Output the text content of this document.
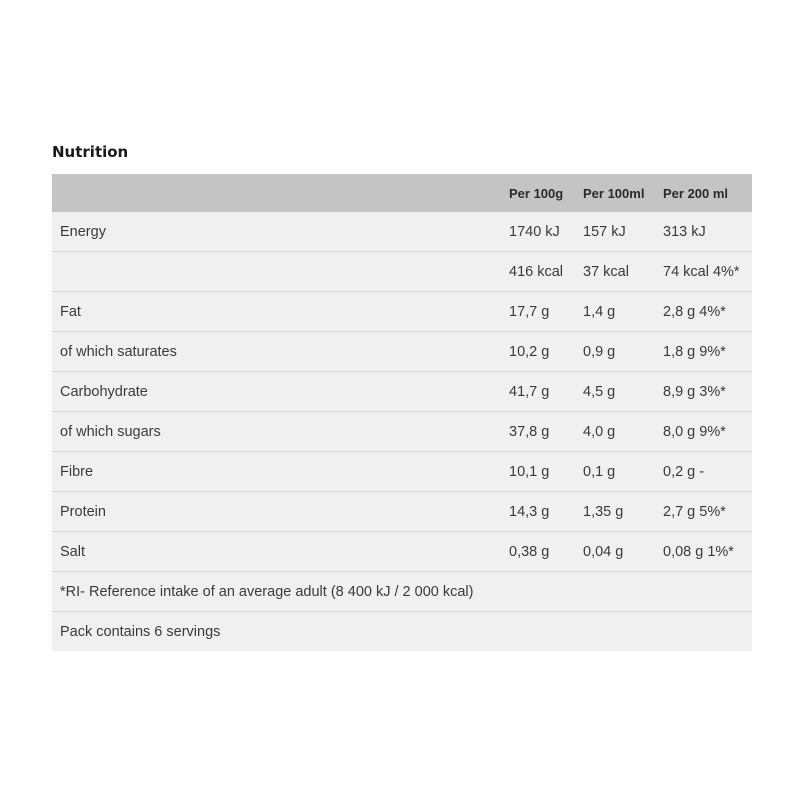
Nutrition
	Per 100g	Per 100ml	Per 200 ml
Energy	1740 kJ	157 kJ	313 kJ
	416 kcal	37 kcal	74 kcal 4%*
Fat	17,7 g	1,4 g	2,8 g 4%*
of which saturates	10,2 g	0,9 g	1,8 g 9%*
Carbohydrate	41,7 g	4,5 g	8,9 g 3%*
of which sugars	37,8 g	4,0 g	8,0 g 9%*
Fibre	10,1 g	0,1 g	0,2 g -
Protein	14,3 g	1,35 g	2,7 g 5%*
Salt	0,38 g	0,04 g	0,08 g 1%*
*RI- Reference intake of an average adult (8 400 kJ / 2 000 kcal)			
Pack contains 6 servings			
